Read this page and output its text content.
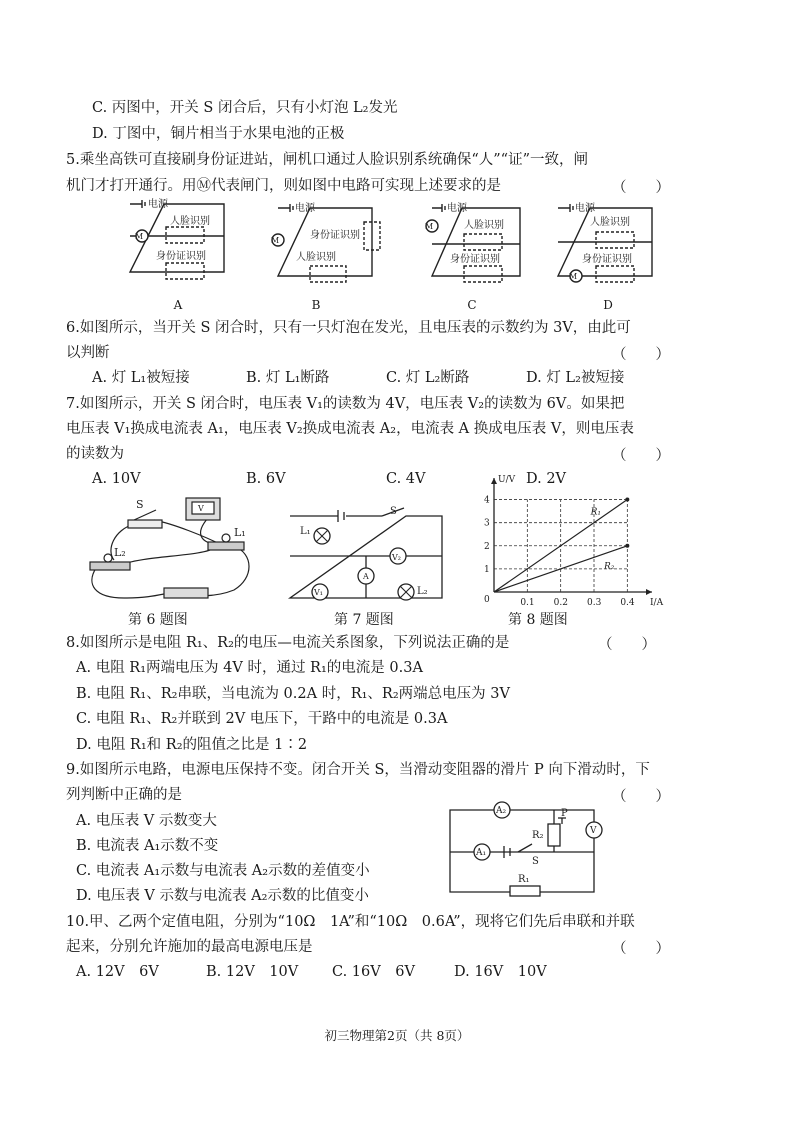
C. 丙图中，开关 S 闭合后，只有小灯泡 L₂发光
D. 丁图中，铜片相当于水果电池的正极
5.乘坐高铁可直接刷身份证进站，闸机口通过人脸识别系统确保“人”“证”一致，闸
机门才打开通行。用Ⓜ代表闸门，则如图中电路可实现上述要求的是	（　　）
M
电源
人脸识别
身份证识别
A
M
电源
身份证识别
人脸识别
B
M
电源
人脸识别
身份证识别
C
M
电源
人脸识别
身份证识别
D
6.如图所示，当开关 S 闭合时，只有一只灯泡在发光，且电压表的示数约为 3V，由此可
以判断	（　　）
A. 灯 L₁被短接	B. 灯 L₁断路	C. 灯 L₂断路	D. 灯 L₂被短接
7.如图所示，开关 S 闭合时，电压表 V₁的读数为 4V，电压表 V₂的读数为 6V。如果把
电压表 V₁换成电流表 A₁，电压表 V₂换成电流表 A₂，电流表 A 换成电压表 V，则电压表
的读数为	（　　）
A. 10V	B. 6V	C. 4V	D. 2V
V
S
L₁
L₂
第 6 题图
S
L₁
L₂
V₂
A
V₁
第 7 题图
0.1 0.2 0.3 0.4
1
2
3
4
0	I/A
U/V
R₁
R₂
第 8 题图
8.如图所示是电阻 R₁、R₂的电压—电流关系图象，下列说法正确的是	（　　）
A. 电阻 R₁两端电压为 4V 时，通过 R₁的电流是 0.3A
B. 电阻 R₁、R₂串联，当电流为 0.2A 时，R₁、R₂两端总电压为 3V
C. 电阻 R₁、R₂并联到 2V 电压下，干路中的电流是 0.3A
D. 电阻 R₁和 R₂的阻值之比是 1∶2
9.如图所示电路，电源电压保持不变。闭合开关 S，当滑动变阻器的滑片 P 向下滑动时，下
列判断中正确的是	（　　）
A. 电压表 V 示数变大
B. 电流表 A₁示数不变
C. 电流表 A₁示数与电流表 A₂示数的差值变小
D. 电压表 V 示数与电流表 A₂示数的比值变小
A₂
A₁
V
R₂
P
S
R₁
10.甲、乙两个定值电阻，分别为“10Ω　1A”和“10Ω　0.6A”，现将它们先后串联和并联
起来，分别允许施加的最高电源电压是	（　　）
A. 12V　6V	B. 12V　10V C. 16V　6V	D. 16V　10V
初三物理第2页（共 8页）
